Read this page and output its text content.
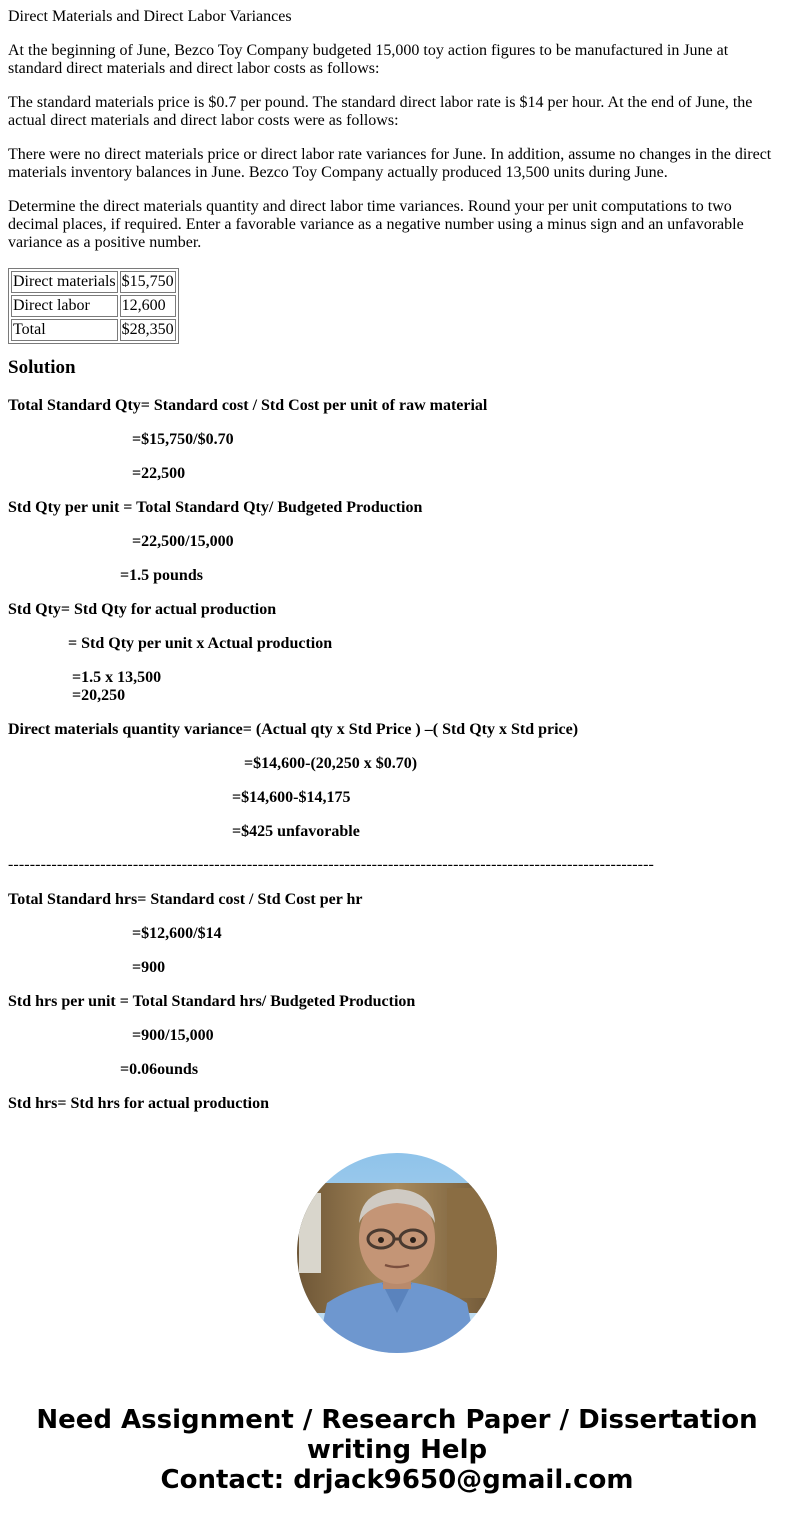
Direct Materials and Direct Labor Variances

At the beginning of June, Bezco Toy Company budgeted 15,000 toy action figures to be manufactured in June at standard direct materials and direct labor costs as follows:

The standard materials price is $0.7 per pound. The standard direct labor rate is $14 per hour. At the end of June, the actual direct materials and direct labor costs were as follows:

There were no direct materials price or direct labor rate variances for June. In addition, assume no changes in the direct materials inventory balances in June. Bezco Toy Company actually produced 13,500 units during June.

Determine the direct materials quantity and direct labor time variances. Round your per unit computations to two decimal places, if required. Enter a favorable variance as a negative number using a minus sign and an unfavorable variance as a positive number.

Direct materials	$15,750
Direct labor	12,600
Total	$28,350
Solution

Total Standard Qty= Standard cost / Std Cost per unit of raw material

=$15,750/$0.70

=22,500

Std Qty per unit = Total Standard Qty/ Budgeted Production

=22,500/15,000

=1.5 pounds

Std Qty= Std Qty for actual production

= Std Qty per unit x Actual production

=1.5 x 13,500

=20,250

Direct materials quantity variance= (Actual qty x Std Price ) –( Std Qty x Std price)

=$14,600-(20,250 x $0.70)

=$14,600-$14,175

=$425 unfavorable

-----------------------------------------------------------------------------------------------------------------------

Total Standard hrs= Standard cost / Std Cost per hr

=$12,600/$14

=900

Std hrs per unit = Total Standard hrs/ Budgeted Production

=900/15,000

=0.06ounds

Std hrs= Std hrs for actual production

Need Assignment / Research Paper / Dissertation writing Help
Contact: drjack9650@gmail.com
